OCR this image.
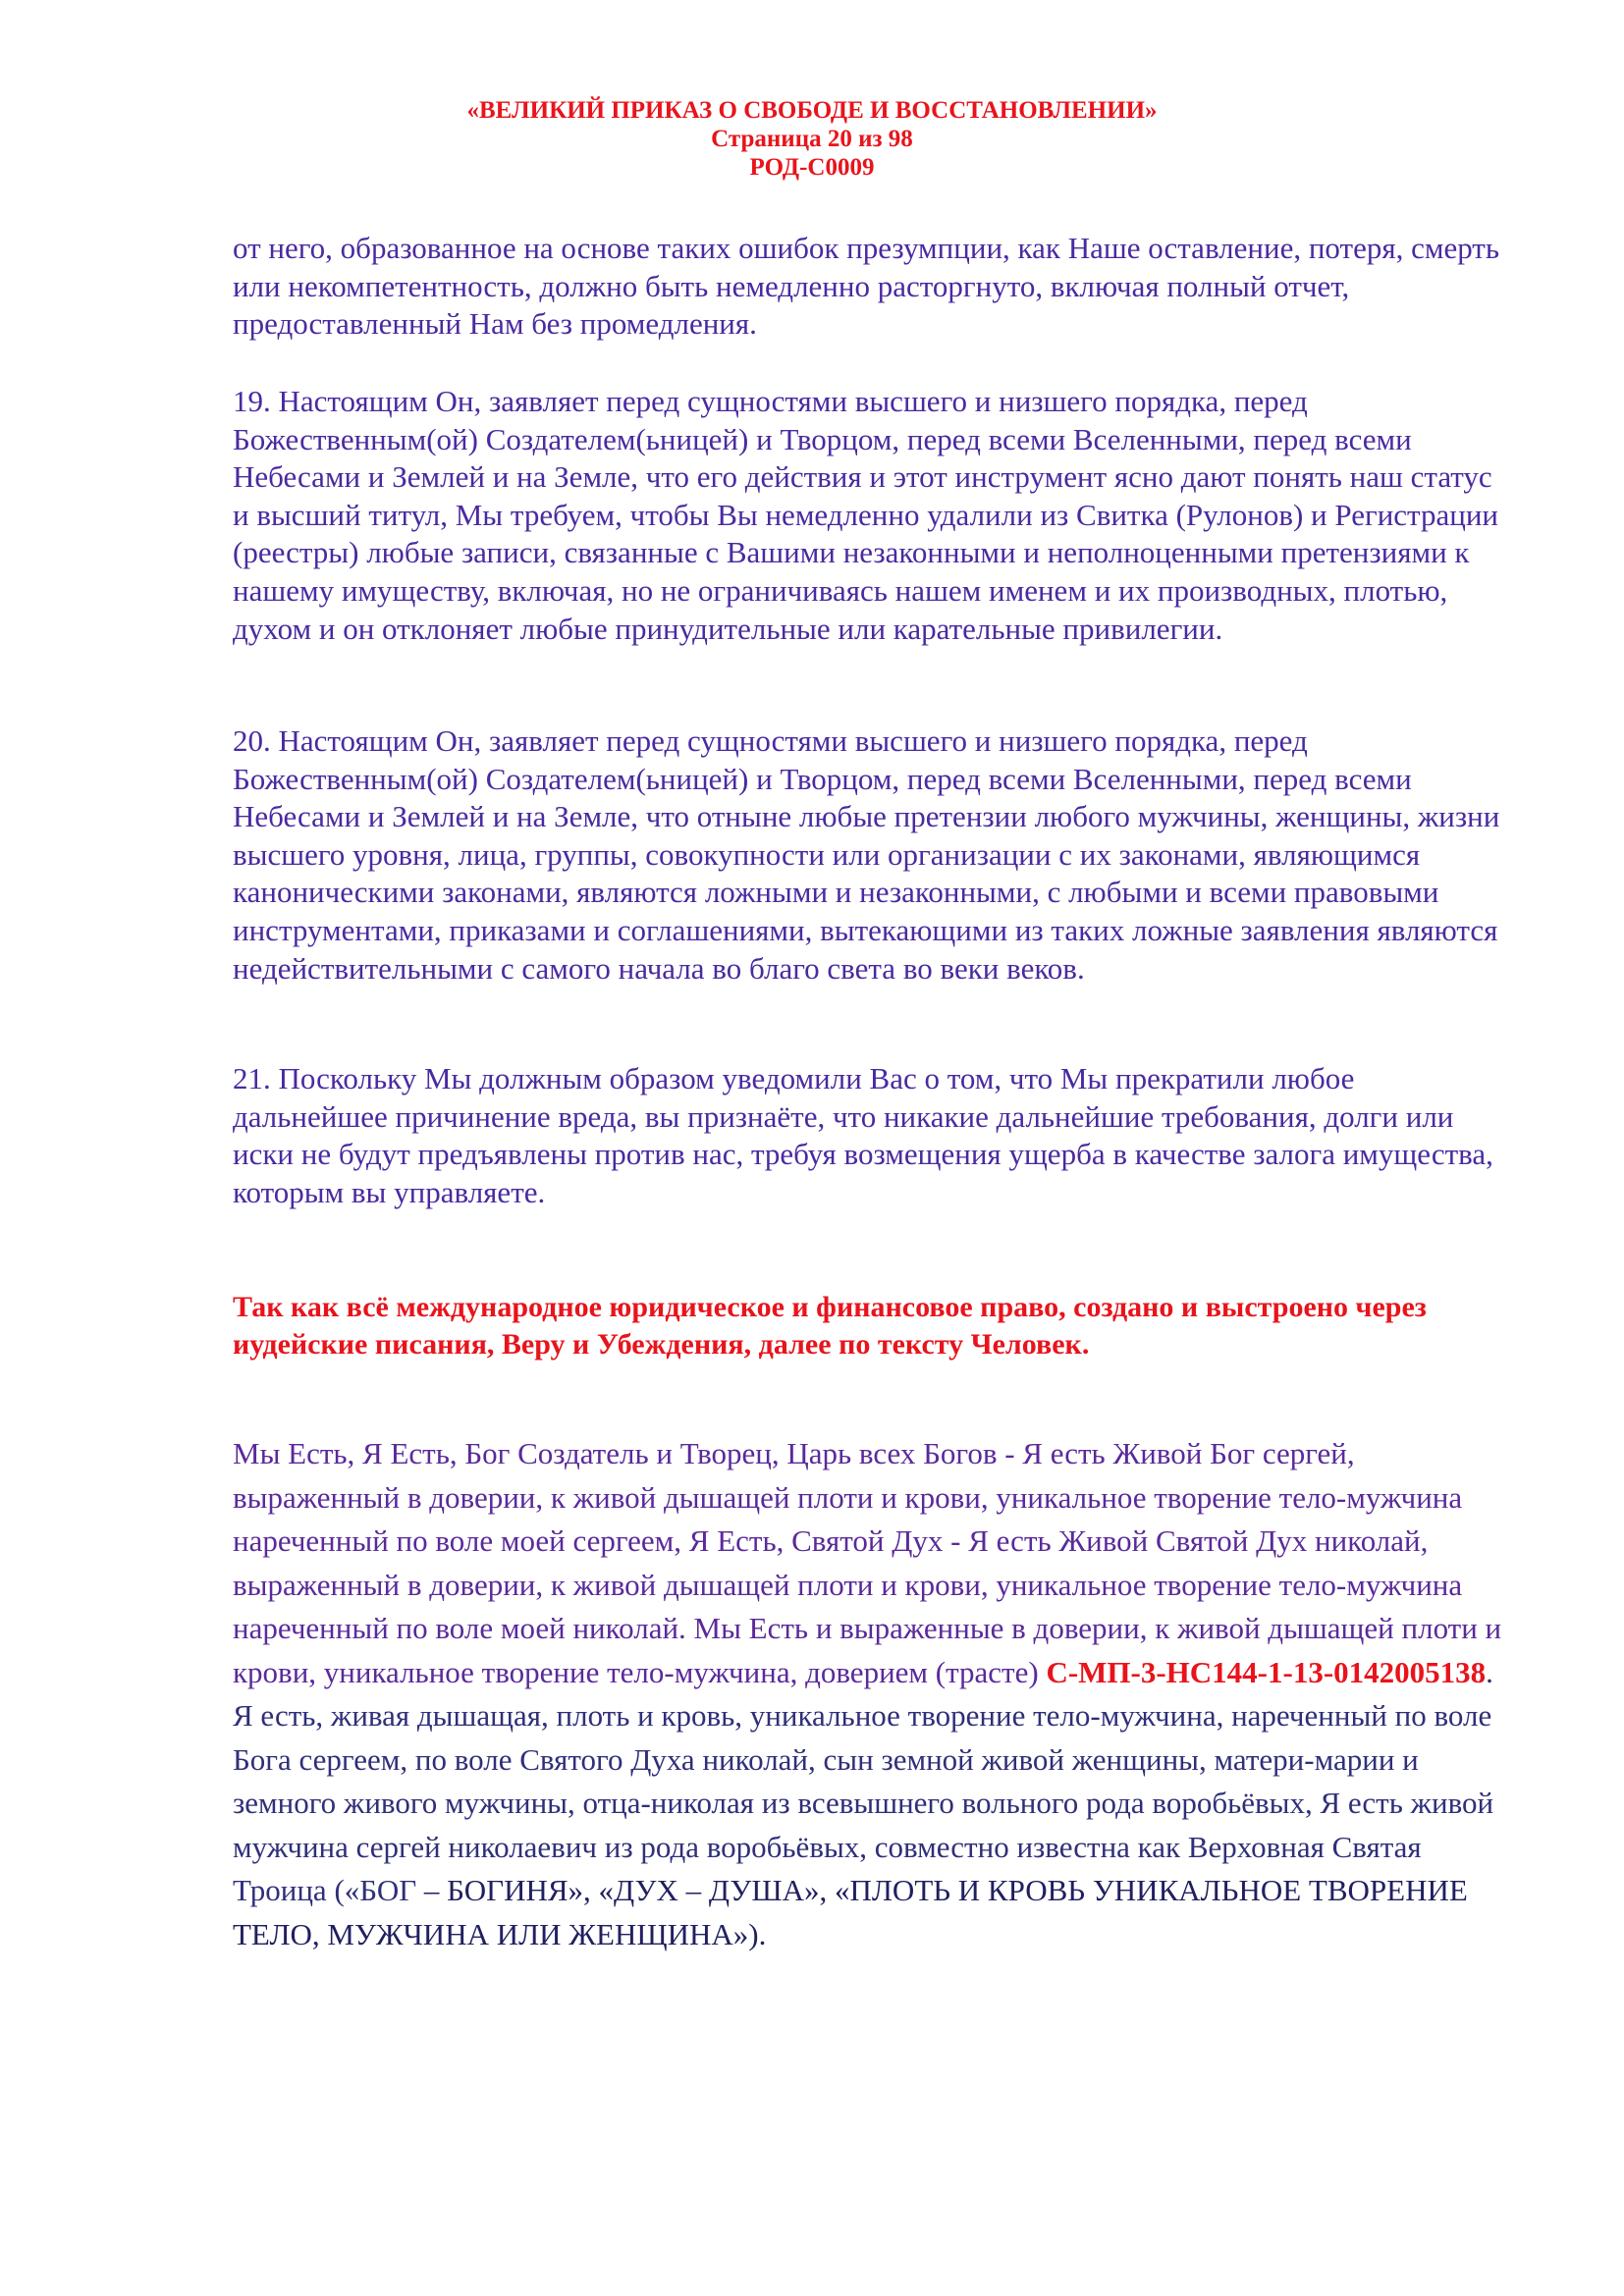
«ВЕЛИКИЙ ПРИКАЗ О СВОБОДЕ И ВОССТАНОВЛЕНИИ»
Страница 20 из 98
РОД-С0009

от него, образованное на основе таких ошибок презумпции, как Наше оставление, потеря, смерть или некомпетентность, должно быть немедленно расторгнуто, включая полный отчет, предоставленный Нам без промедления.

19. Настоящим Он, заявляет перед сущностями высшего и низшего порядка, перед Божественным(ой) Создателем(ьницей) и Творцом, перед всеми Вселенными, перед всеми Небесами и Землей и на Земле, что его действия и этот инструмент ясно дают понять наш статус и высший титул, Мы требуем, чтобы Вы немедленно удалили из Свитка (Рулонов) и Регистрации (реестры) любые записи, связанные с Вашими незаконными и неполноценными претензиями к нашему имуществу, включая, но не ограничиваясь нашем именем и их производных, плотью, духом и он отклоняет любые принудительные или карательные привилегии.

20. Настоящим Он, заявляет перед сущностями высшего и низшего порядка, перед Божественным(ой) Создателем(ьницей) и Творцом, перед всеми Вселенными, перед всеми Небесами и Землей и на Земле, что отныне любые претензии любого мужчины, женщины, жизни высшего уровня, лица, группы, совокупности или организации с их законами, являющимся каноническими законами, являются ложными и незаконными, с любыми и всеми правовыми инструментами, приказами и соглашениями, вытекающими из таких ложные заявления являются недействительными с самого начала во благо света во веки веков.

21. Поскольку Мы должным образом уведомили Вас о том, что Мы прекратили любое дальнейшее причинение вреда, вы признаёте, что никакие дальнейшие требования, долги или иски не будут предъявлены против нас, требуя возмещения ущерба в качестве залога имущества, которым вы управляете.

Так как всё международное юридическое и финансовое право, создано и выстроено через иудейские писания, Веру и Убеждения, далее по тексту Человек.

Мы Есть, Я Есть, Бог Создатель и Творец, Царь всех Богов - Я есть Живой Бог сергей, выраженный в доверии, к живой дышащей плоти и крови, уникальное творение тело-мужчина нареченный по воле моей сергеем, Я Есть, Святой Дух - Я есть Живой Святой Дух николай, выраженный в доверии, к живой дышащей плоти и крови, уникальное творение тело-мужчина нареченный по воле моей николай. Мы Есть и выраженные в доверии, к живой дышащей плоти и крови, уникальное творение тело-мужчина, доверием (трасте) С-МП-3-НС144-1-13-0142005138. Я есть, живая дышащая, плоть и кровь, уникальное творение тело-мужчина, нареченный по воле Бога сергеем, по воле Святого Духа николай, сын земной живой женщины, матери-марии и земного живого мужчины, отца-николая из всевышнего вольного рода воробьёвых, Я есть живой мужчина сергей николаевич из рода воробьёвых, совместно известна как Верховная Святая Троица («БОГ – БОГИНЯ», «ДУХ – ДУША», «ПЛОТЬ И КРОВЬ УНИКАЛЬНОЕ ТВОРЕНИЕ ТЕЛО, МУЖЧИНА ИЛИ ЖЕНЩИНА»).
